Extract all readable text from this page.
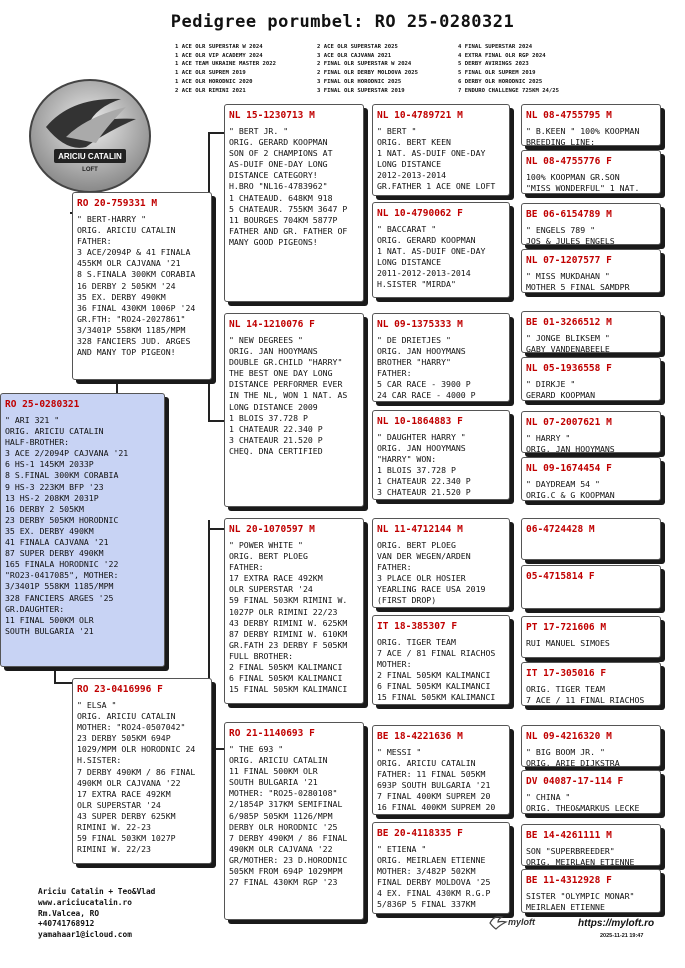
Pedigree porumbel: RO 25-0280321
1 ACE OLR SUPERSTAR W 2024
1 ACE OLR VIP ACADEMY 2024
1 ACE TEAM UKRAINE MASTER 2022
1 ACE OLR SUPREM 2019
1 ACE OLR HORODNIC 2020
2 ACE OLR RIMINI 2021
2 ACE OLR SUPERSTAR 2025
3 ACE OLR CAJVANA 2021
2 FINAL OLR SUPERSTAR W 2024
2 FINAL OLR DERBY MOLDOVA 2025
3 FINAL OLR HORODNIC 2025
3 FINAL OLR SUPERSTAR 2019
4 FINAL SUPERSTAR 2024
4 EXTRA FINAL OLR RGP 2024
5 DERBY AVIRINGS 2023
5 FINAL OLR SUPREM 2019
6 DERBY OLR HORODNIC 2025
7 ENDURO CHALLENGE 725KM 24/25
ARICIU CATALIN
LOFT
RO 25-0280321
" ARI 321 "
ORIG. ARICIU CATALIN
HALF-BROTHER:
3 ACE 2/2094P CAJVANA '21
6 HS-1 145KM 2033P
8 S.FINAL 300KM CORABIA
9 HS-3 223KM BFP '23
13 HS-2 208KM 2031P
16 DERBY 2 505KM
23 DERBY 505KM HORODNIC
35 EX. DERBY 490KM
41 FINALA CAJVANA '21
87 SUPER DERBY 490KM
165 FINALA HORODNIC '22
"RO23-0417085", MOTHER:
3/3401P 558KM 1185/MPM
328 FANCIERS ARGES '25
GR.DAUGHTER:
11 FINAL 500KM OLR
SOUTH BULGARIA '21
RO 20-759331 M
" BERT-HARRY "
ORIG. ARICIU CATALIN
FATHER:
3 ACE/2094P & 41 FINALA
455KM OLR CAJVANA '21
8 S.FINALA 300KM CORABIA
16 DERBY 2 505KM '24
35 EX. DERBY 490KM
36 FINAL 430KM 1006P '24
GR.FTH: "RO24-2027861"
3/3401P 558KM 1185/MPM
328 FANCIERS JUD. ARGES
AND MANY TOP PIGEON!
RO 23-0416996 F
" ELSA "
ORIG. ARICIU CATALIN
MOTHER: "RO24-0507042"
23 DERBY 505KM 694P
1029/MPM OLR HORODNIC 24
H.SISTER:
7 DERBY 490KM / 86 FINAL
490KM OLR CAJVANA '22
17 EXTRA RACE 492KM
OLR SUPERSTAR '24
43 SUPER DERBY 625KM
RIMINI W. 22-23
59 FINAL 503KM 1027P
RIMINI W. 22/23
NL 15-1230713 M
" BERT JR. "
ORIG. GERARD KOOPMAN
SON OF 2 CHAMPIONS AT
AS-DUIF ONE-DAY LONG
DISTANCE CATEGORY!
H.BRO "NL16-4783962"
1 CHATEAUD. 648KM 918
5 CHATEAUR. 755KM 3647 P
11 BOURGES 704KM 5877P
FATHER AND GR. FATHER OF
MANY GOOD PIGEONS!
NL 14-1210076 F
" NEW DEGREES "
ORIG. JAN HOOYMANS
DOUBLE GR.CHILD "HARRY"
THE BEST ONE DAY LONG
DISTANCE PERFORMER EVER
IN THE NL, WON 1 NAT. AS
LONG DISTANCE 2009
1 BLOIS 37.728 P
1 CHATEAUR 22.340 P
3 CHATEAUR 21.520 P
CHEQ. DNA CERTIFIED
NL 20-1070597 M
" POWER WHITE "
ORIG. BERT PLOEG
FATHER:
17 EXTRA RACE 492KM
OLR SUPERSTAR '24
59 FINAL 503KM RIMINI W.
1027P OLR RIMINI 22/23
43 DERBY RIMINI W. 625KM
87 DERBY RIMINI W. 610KM
GR.FATH 23 DERBY F 505KM
FULL BROTHER:
2 FINAL 505KM KALIMANCI
6 FINAL 505KM KALIMANCI
15 FINAL 505KM KALIMANCI
RO 21-1140693 F
" THE 693 "
ORIG. ARICIU CATALIN
11 FINAL 500KM OLR
SOUTH BULGARIA '21
MOTHER: "RO25-0280108"
2/1854P 317KM SEMIFINAL
6/985P 505KM 1126/MPM
DERBY OLR HORODNIC '25
7 DERBY 490KM / 86 FINAL
490KM OLR CAJVANA '22
GR/MOTHER: 23 D.HORODNIC
505KM FROM 694P 1029MPM
27 FINAL 430KM RGP '23
NL 10-4789721 M
" BERT "
ORIG. BERT KEEN
1 NAT. AS-DUIF ONE-DAY
LONG DISTANCE
2012-2013-2014
GR.FATHER 1 ACE ONE LOFT
NL 10-4790062 F
" BACCARAT "
ORIG. GERARD KOOPMAN
1 NAT. AS-DUIF ONE-DAY
LONG DISTANCE
2011-2012-2013-2014
H.SISTER "MIRDA"
NL 09-1375333 M
" DE DRIETJES "
ORIG. JAN HOOYMANS
BROTHER "HARRY"
FATHER:
5 CAR RACE - 3900 P
24 CAR RACE - 4000 P
NL 10-1864883 F
" DAUGHTER HARRY "
ORIG. JAN HOOYMANS
"HARRY" WON:
1 BLOIS 37.728 P
1 CHATEAUR 22.340 P
3 CHATEAUR 21.520 P
NL 11-4712144 M
ORIG. BERT PLOEG
VAN DER WEGEN/ARDEN
FATHER:
3 PLACE OLR HOSIER
YEARLING RACE USA 2019
(FIRST DROP)
IT 18-385307 F
ORIG. TIGER TEAM
7 ACE / 81 FINAL RIACHOS
MOTHER:
2 FINAL 505KM KALIMANCI
6 FINAL 505KM KALIMANCI
15 FINAL 505KM KALIMANCI
BE 18-4221636 M
" MESSI "
ORIG. ARICIU CATALIN
FATHER: 11 FINAL 505KM
693P SOUTH BULGARIA '21
7 FINAL 400KM SUPREM 20
16 FINAL 400KM SUPREM 20
BE 20-4118335 F
" ETIENA "
ORIG. MEIRLAEN ETIENNE
MOTHER: 3/482P 502KM
FINAL DERBY MOLDOVA '25
4 EX. FINAL 430KM R.G.P
5/836P 5 FINAL 337KM
NL 08-4755795 M
" B.KEEN " 100% KOOPMAN
BREEDING LINE:
NL 08-4755776 F
100% KOOPMAN GR.SON
"MISS WONDERFUL" 1 NAT.
BE 06-6154789 M
" ENGELS 789 "
JOS & JULES ENGELS
NL 07-1207577 F
" MISS MUKDAHAN "
MOTHER 5 FINAL SAMDPR
BE 01-3266512 M
" JONGE BLIKSEM "
GABY VANDENABEELE
NL 05-1936558 F
" DIRKJE "
GERARD KOOPMAN
NL 07-2007621 M
" HARRY "
ORIG. JAN HOOYMANS
NL 09-1674454 F
" DAYDREAM 54 "
ORIG.C & G KOOPMAN
06-4724428 M
05-4715814 F
PT 17-721606 M
RUI MANUEL SIMOES
IT 17-305016 F
ORIG. TIGER TEAM
7 ACE / 11 FINAL RIACHOS
NL 09-4216320 M
" BIG BOOM JR. "
ORIG. ARIE DIJKSTRA
DV 04087-17-114 F
" CHINA "
ORIG. THEO&MARKUS LECKE
BE 14-4261111 M
SON "SUPERBREEDER"
ORIG. MEIRLAEN ETIENNE
BE 11-4312928 F
SISTER "OLYMPIC MONAR"
MEIRLAEN ETIENNE
Ariciu Catalin + Teo&Vlad
www.ariciucatalin.ro
Rm.Valcea, RO
+40741768912
yamahaar1@icloud.com
myloft	https://myloft.ro
2025-11-21 19:47
